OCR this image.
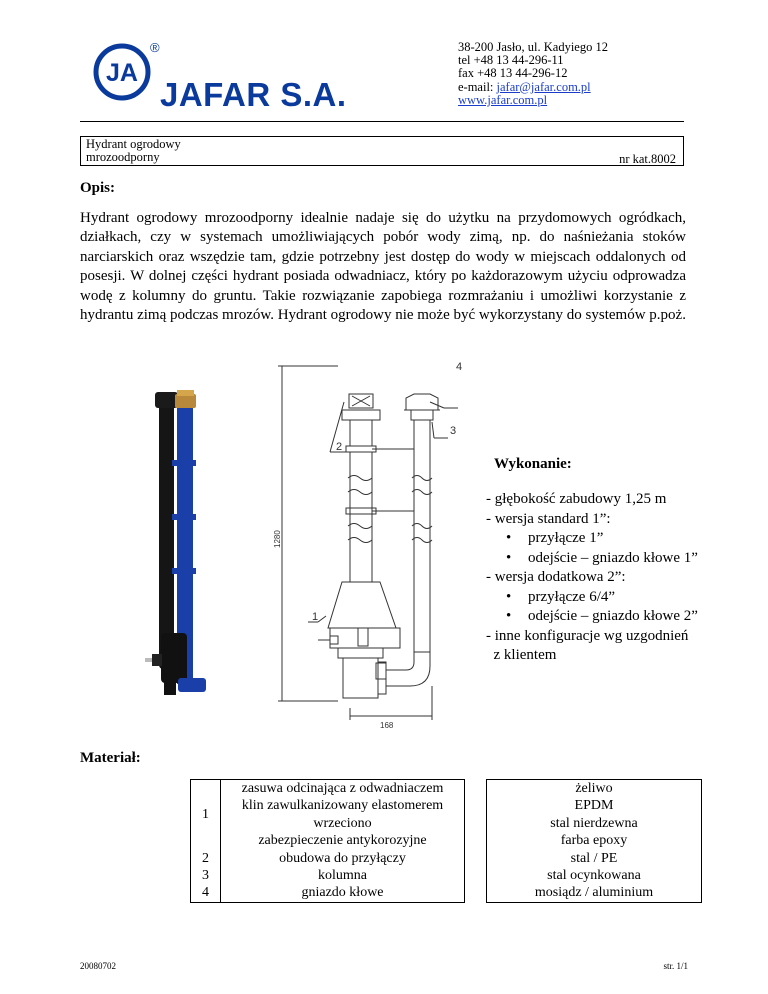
JA
®
JAFAR S.A.
38-200 Jasło, ul. Kadyiego 12
tel +48 13 44-296-11
fax +48 13 44-296-12
e-mail: jafar@jafar.com.pl
www.jafar.com.pl
Hydrant ogrodowy
mrozoodporny	nr kat.8002
Opis:
Hydrant ogrodowy mrozoodporny idealnie nadaje się do użytku na przydomowych ogródkach, działkach, czy w systemach umożliwiających pobór wody zimą, np. do naśnieżania stoków narciarskich oraz wszędzie tam, gdzie potrzebny jest dostęp do wody w miejscach oddalonych od posesji. W dolnej części hydrant posiada odwadniacz, który po każdorazowym użyciu odprowadza wodę z kolumny do gruntu. Takie rozwiązanie zapobiega rozmrażaniu i umożliwi korzystanie z hydrantu zimą podczas mrozów. Hydrant ogrodowy nie może być wykorzystany do systemów p.poż.
2
3
4
1
168
1280
Wykonanie:
- głębokość zabudowy 1,25 m
- wersja standard 1”:
• przyłącze 1”
• odejście – gniazdo kłowe 1”
- wersja dodatkowa 2”:
• przyłącze 6/4”
• odejście – gniazdo kłowe 2”
- inne konfiguracje wg uzgodnień
z klientem
Materiał:
1	zasuwa odcinająca z odwadniaczem		żeliwo
	klin zawulkanizowany elastomerem		EPDM
	wrzeciono		stal nierdzewna
	zabezpieczenie antykorozyjne		farba epoxy
2	obudowa do przyłączy		stal / PE
3	kolumna		stal ocynkowana
4	gniazdo kłowe		mosiądz / aluminium
20080702	str. 1/1
